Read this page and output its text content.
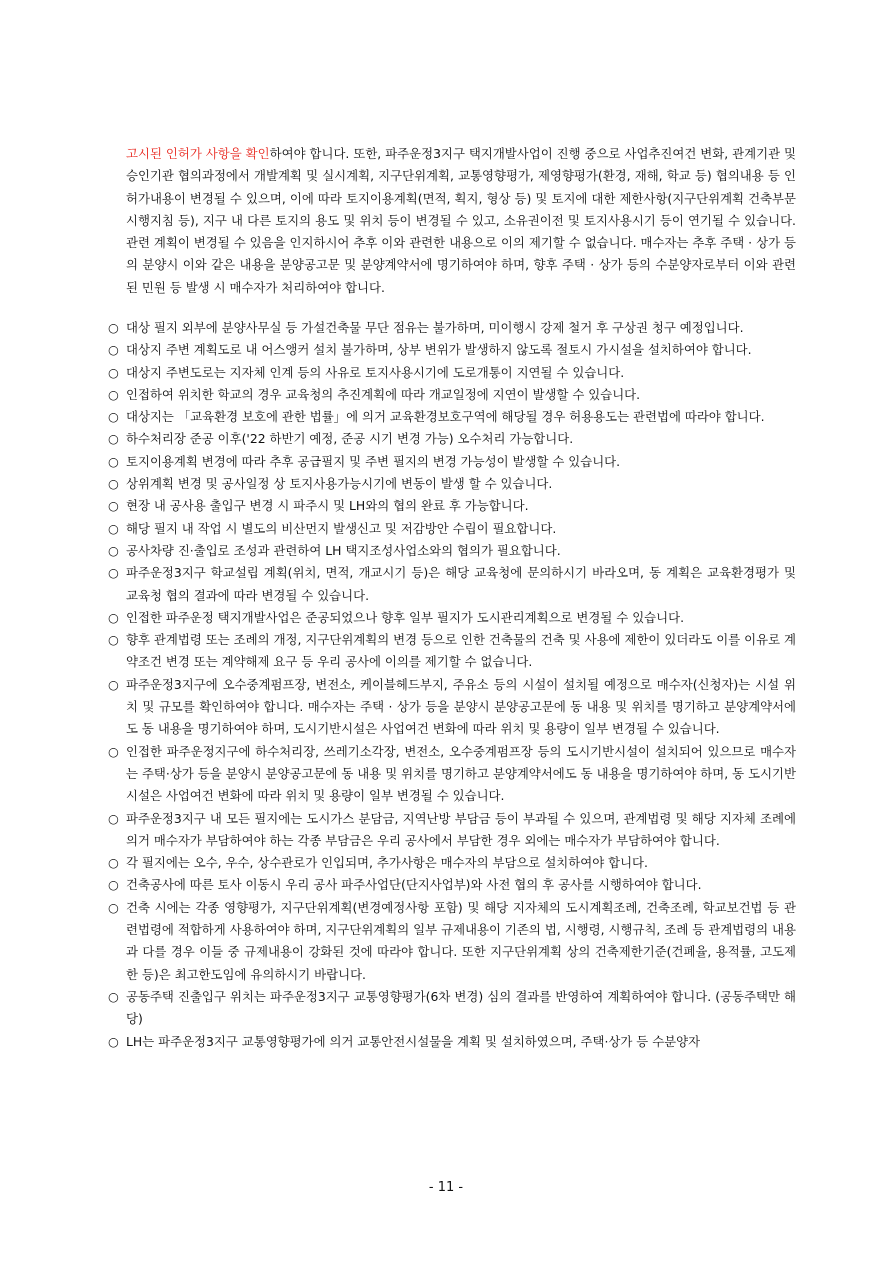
고시된 인허가 사항을 확인하여야 합니다. 또한, 파주운정3지구 택지개발사업이 진행 중으로 사업추진여건 변화, 관계기관 및 승인기관 협의과정에서 개발계획 및 실시계획, 지구단위계획, 교통영향평가, 제영향평가(환경, 재해, 학교 등) 협의내용 등 인허가내용이 변경될 수 있으며, 이에 따라 토지이용계획(면적, 획지, 형상 등) 및 토지에 대한 제한사항(지구단위계획 건축부문시행지침 등), 지구 내 다른 토지의 용도 및 위치 등이 변경될 수 있고, 소유권이전 및 토지사용시기 등이 연기될 수 있습니다. 관련 계획이 변경될 수 있음을 인지하시어 추후 이와 관련한 내용으로 이의 제기할 수 없습니다. 매수자는 추후 주택 · 상가 등의 분양시 이와 같은 내용을 분양공고문 및 분양계약서에 명기하여야 하며, 향후 주택 · 상가 등의 수분양자로부터 이와 관련된 민원 등 발생 시 매수자가 처리하여야 합니다.
○ 대상 필지 외부에 분양사무실 등 가설건축물 무단 점유는 불가하며, 미이행시 강제 철거 후 구상권 청구 예정입니다.
○ 대상지 주변 계획도로 내 어스앵커 설치 불가하며, 상부 변위가 발생하지 않도록 절토시 가시설을 설치하여야 합니다.
○ 대상지 주변도로는 지자체 인계 등의 사유로 토지사용시기에 도로개통이 지연될 수 있습니다.
○ 인접하여 위치한 학교의 경우 교육청의 추진계획에 따라 개교일정에 지연이 발생할 수 있습니다.
○ 대상지는 「교육환경 보호에 관한 법률」에 의거 교육환경보호구역에 해당될 경우 허용용도는 관련법에 따라야 합니다.
○ 하수처리장 준공 이후('22 하반기 예정, 준공 시기 변경 가능) 오수처리 가능합니다.
○ 토지이용계획 변경에 따라 추후 공급필지 및 주변 필지의 변경 가능성이 발생할 수 있습니다.
○ 상위계획 변경 및 공사일정 상 토지사용가능시기에 변동이 발생 할 수 있습니다.
○ 현장 내 공사용 출입구 변경 시 파주시 및 LH와의 협의 완료 후 가능합니다.
○ 해당 필지 내 작업 시 별도의 비산먼지 발생신고 및 저감방안 수립이 필요합니다.
○ 공사차량 진·출입로 조성과 관련하여 LH 택지조성사업소와의 협의가 필요합니다.
○ 파주운정3지구 학교설립 계획(위치, 면적, 개교시기 등)은 해당 교육청에 문의하시기 바라오며, 동 계획은 교육환경평가 및 교육청 협의 결과에 따라 변경될 수 있습니다.
○ 인접한 파주운정 택지개발사업은 준공되었으나 향후 일부 필지가 도시관리계획으로 변경될 수 있습니다.
○ 향후 관계법령 또는 조례의 개정, 지구단위계획의 변경 등으로 인한 건축물의 건축 및 사용에 제한이 있더라도 이를 이유로 계약조건 변경 또는 계약해제 요구 등 우리 공사에 이의를 제기할 수 없습니다.
○ 파주운정3지구에 오수중계펌프장, 변전소, 케이블헤드부지, 주유소 등의 시설이 설치될 예정으로 매수자(신청자)는 시설 위치 및 규모를 확인하여야 합니다. 매수자는 주택 · 상가 등을 분양시 분양공고문에 동 내용 및 위치를 명기하고 분양계약서에도 동 내용을 명기하여야 하며, 도시기반시설은 사업여건 변화에 따라 위치 및 용량이 일부 변경될 수 있습니다.
○ 인접한 파주운정지구에 하수처리장, 쓰레기소각장, 변전소, 오수중계펌프장 등의 도시기반시설이 설치되어 있으므로 매수자는 주택·상가 등을 분양시 분양공고문에 동 내용 및 위치를 명기하고 분양계약서에도 동 내용을 명기하여야 하며, 동 도시기반시설은 사업여건 변화에 따라 위치 및 용량이 일부 변경될 수 있습니다.
○ 파주운정3지구 내 모든 필지에는 도시가스 분담금, 지역난방 부담금 등이 부과될 수 있으며, 관계법령 및 해당 지자체 조례에 의거 매수자가 부담하여야 하는 각종 부담금은 우리 공사에서 부담한 경우 외에는 매수자가 부담하여야 합니다.
○ 각 필지에는 오수, 우수, 상수관로가 인입되며, 추가사항은 매수자의 부담으로 설치하여야 합니다.
○ 건축공사에 따른 토사 이동시 우리 공사 파주사업단(단지사업부)와 사전 협의 후 공사를 시행하여야 합니다.
○ 건축 시에는 각종 영향평가, 지구단위계획(변경예정사항 포함) 및 해당 지자체의 도시계획조례, 건축조례, 학교보건법 등 관련법령에 적합하게 사용하여야 하며, 지구단위계획의 일부 규제내용이 기존의 법, 시행령, 시행규칙, 조례 등 관계법령의 내용과 다를 경우 이들 중 규제내용이 강화된 것에 따라야 합니다. 또한 지구단위계획 상의 건축제한기준(건폐율, 용적률, 고도제한 등)은 최고한도임에 유의하시기 바랍니다.
○ 공동주택 진출입구 위치는 파주운정3지구 교통영향평가(6차 변경) 심의 결과를 반영하여 계획하여야 합니다. (공동주택만 해당)
○ LH는 파주운정3지구 교통영향평가에 의거 교통안전시설물을 계획 및 설치하였으며, 주택·상가 등 수분양자
- 11 -
